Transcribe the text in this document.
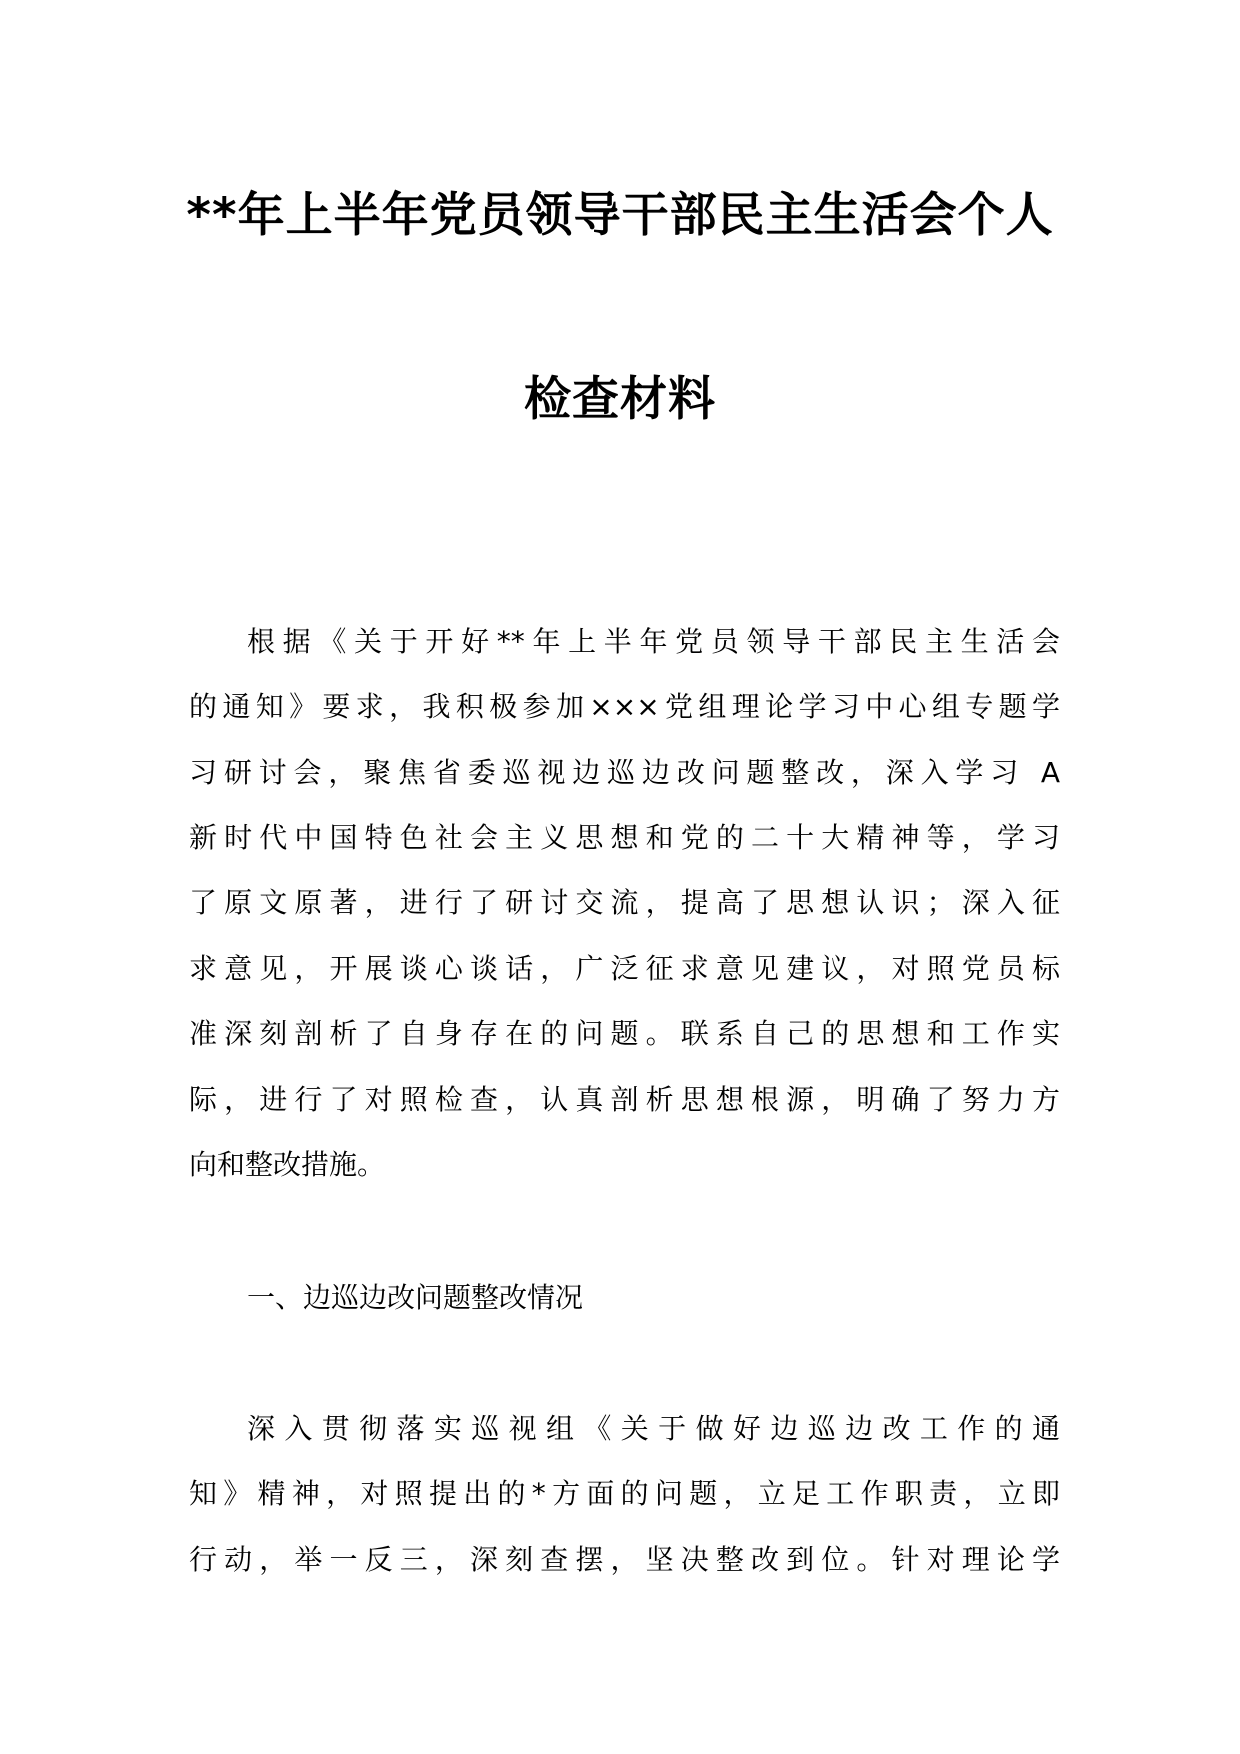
**年上半年党员领导干部民主生活会个人
检查材料
根据《关于开好**年上半年党员领导干部民主生活会
的通知》要求，我积极参加×××党组理论学习中心组专题学
习研讨会，聚焦省委巡视边巡边改问题整改，深入学习 A
新时代中国特色社会主义思想和党的二十大精神等，学习
了原文原著，进行了研讨交流，提高了思想认识；深入征
求意见，开展谈心谈话，广泛征求意见建议，对照党员标
准深刻剖析了自身存在的问题。联系自己的思想和工作实
际，进行了对照检查，认真剖析思想根源，明确了努力方
向和整改措施。
一、边巡边改问题整改情况
深入贯彻落实巡视组《关于做好边巡边改工作的通
知》精神，对照提出的*方面的问题，立足工作职责，立即
行动，举一反三，深刻查摆，坚决整改到位。针对理论学
